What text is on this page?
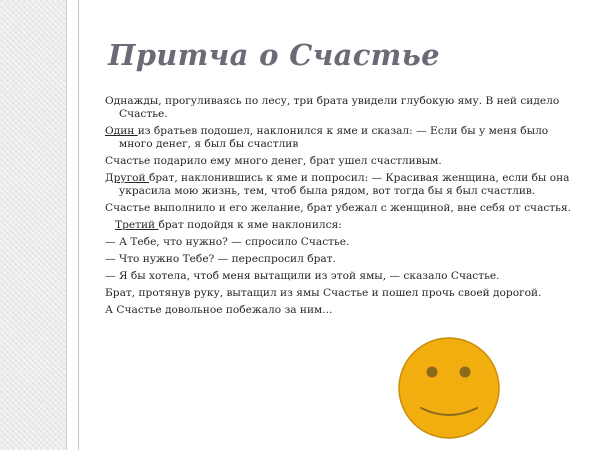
Притча о Счастье

Однажды, прогуливаясь по лесу, три брата увидели глубокую яму. В ней сидело Счастье.

Один из братьев подошел, наклонился к яме и сказал: — Если бы у меня было много денег, я был бы счастлив

Счастье подарило ему много денег, брат ушел счастливым.

Другой брат, наклонившись к яме и попросил: — Красивая женщина, если бы она украсила мою жизнь, тем, чтоб была рядом, вот тогда бы я был счастлив.

Счастье выполнило и его желание, брат убежал с женщиной, вне себя от счастья.

Третий брат подойдя к яме наклонился:

— А Тебе, что нужно? — спросило Счастье.

— Что нужно Тебе? — переспросил брат.

— Я бы хотела, чтоб меня вытащили из этой ямы, — сказало Счастье.

Брат, протянув руку, вытащил из ямы Счастье и пошел прочь своей дорогой.

А Счастье довольное побежало за ним...
